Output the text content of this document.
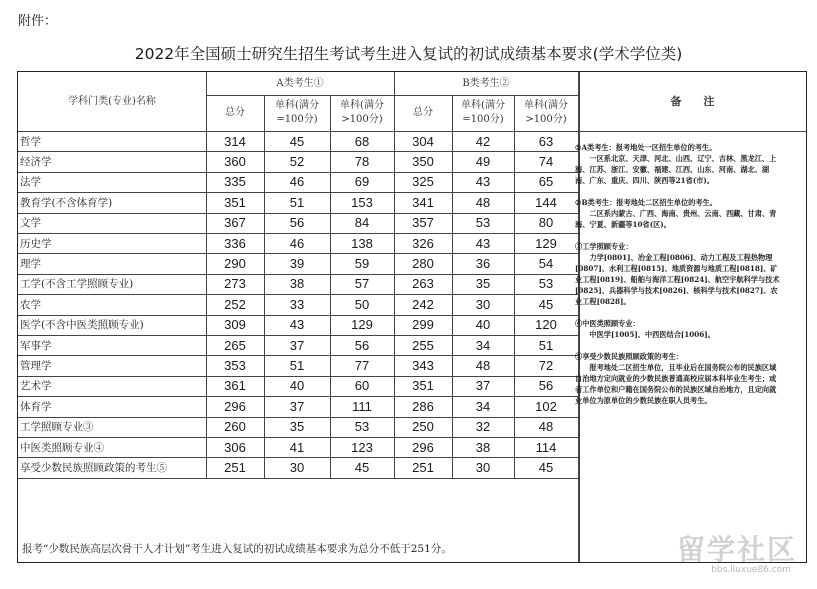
附件：
2022年全国硕士研究生招生考试考生进入复试的初试成绩基本要求(学术学位类)
学科门类(专业)名称
A类考生①	B类考生②
总分
单科(满分=100分)
单科(满分>100分)
总分
单科(满分=100分)
单科(满分>100分)
备　　注
哲学	314	45	68	304	42	63
经济学	360	52	78	350	49	74
法学	335	46	69	325	43	65
教育学(不含体育学)	351	51	153	341	48	144
文学	367	56	84	357	53	80
历史学	336	46	138	326	43	129
理学	290	39	59	280	36	54
工学(不含工学照顾专业)	273	38	57	263	35	53
农学	252	33	50	242	30	45
医学(不含中医类照顾专业)	309	43	129	299	40	120
军事学	265	37	56	255	34	51
管理学	353	51	77	343	48	72
艺术学	361	40	60	351	37	56
体育学	296	37	111	286	34	102
工学照顾专业③	260	35	53	250	32	48
中医类照顾专业④	306	41	123	296	38	114
享受少数民族照顾政策的考生⑤	251	30	45	251	30	45
①A类考生：报考地处一区招生单位的考生。
一区系北京、天津、河北、山西、辽宁、吉林、黑龙江、上海、江苏、浙江、安徽、福建、江西、山东、河南、湖北、湖南、广东、重庆、四川、陕西等21省(市)。
②B类考生：报考地处二区招生单位的考生。
二区系内蒙古、广西、海南、贵州、云南、西藏、甘肃、青海、宁夏、新疆等10省(区)。
③工学照顾专业：
力学[0801]、冶金工程[0806]、动力工程及工程热物理[0807]、水利工程[0815]、地质资源与地质工程[0818]、矿业工程[0819]、船舶与海洋工程[0824]、航空宇航科学与技术[0825]、兵器科学与技术[0826]、核科学与技术[0827]、农业工程[0828]。
④中医类照顾专业：
中医学[1005]、中西医结合[1006]。
⑤享受少数民族照顾政策的考生：
报考地处二区招生单位，且毕业后在国务院公布的民族区域自治地方定向就业的少数民族普通高校应届本科毕业生考生；或者工作单位和户籍在国务院公布的民族区域自治地方，且定向就业单位为原单位的少数民族在职人员考生。
报考“少数民族高层次骨干人才计划”考生进入复试的初试成绩基本要求为总分不低于251分。	留学社区
bbs.liuxue86.com
